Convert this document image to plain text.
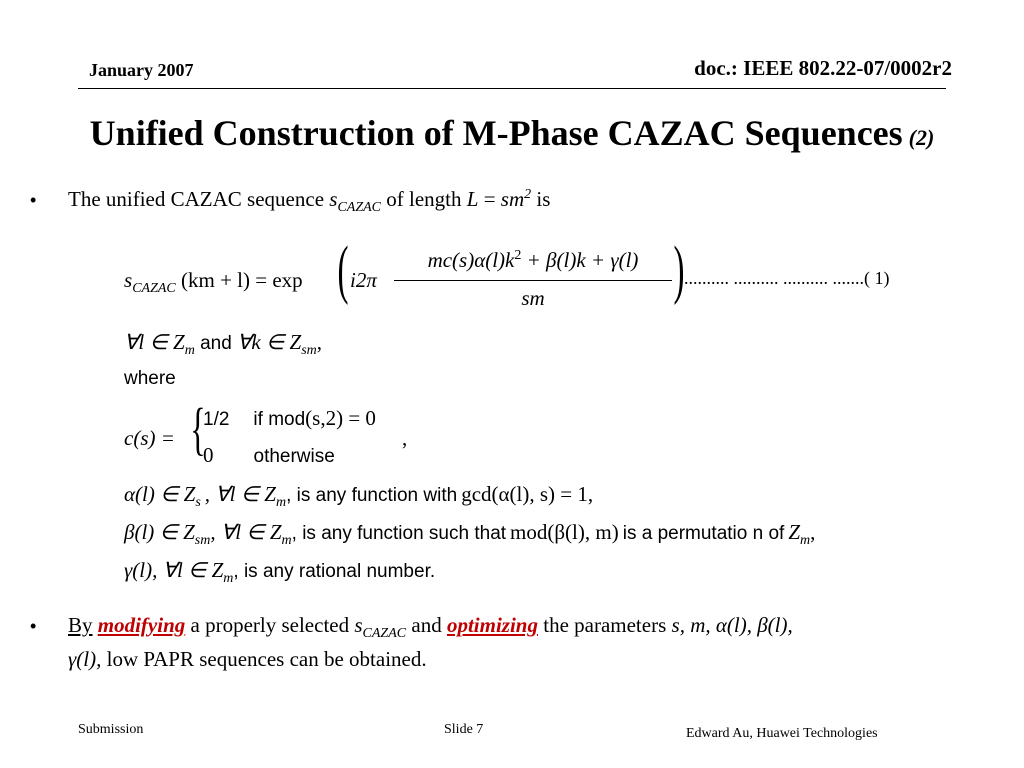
January 2007	doc.: IEEE 802.22-07/0002r2
Unified Construction of M-Phase CAZAC Sequences (2)
• The unified CAZAC sequence $s_{CAZAC}$ of length $L = sm^2$ is
$s_{CAZAC}$ (km + l) = exp ( i2π
$mc(s)\alpha(l)k^2 + \beta(l)k + \gamma(l)$
sm	) .......... .......... .......... .......( 1)
∀l ∈ $Z_m$ and ∀k ∈ $Z_{sm}$,
where
c(s) = {
1/2 if mod(s,2) = 0
0 otherwise
,
α(l) ∈ $Z_s$ , ∀l ∈ $Z_m$, is any function with gcd(α(l), s) = 1,
β(l) ∈ $Z_{sm}$, ∀l ∈ $Z_m$, is any function such that mod(β(l), m) is a permutatio n of $Z_m$,
γ(l), ∀l ∈ $Z_m$, is any rational number.
• By modifying a properly selected $s_{CAZAC}$ and optimizing the parameters s, m, α(l), β(l),
γ(l), low PAPR sequences can be obtained.
Submission	Slide 7	Edward Au, Huawei Technologies
